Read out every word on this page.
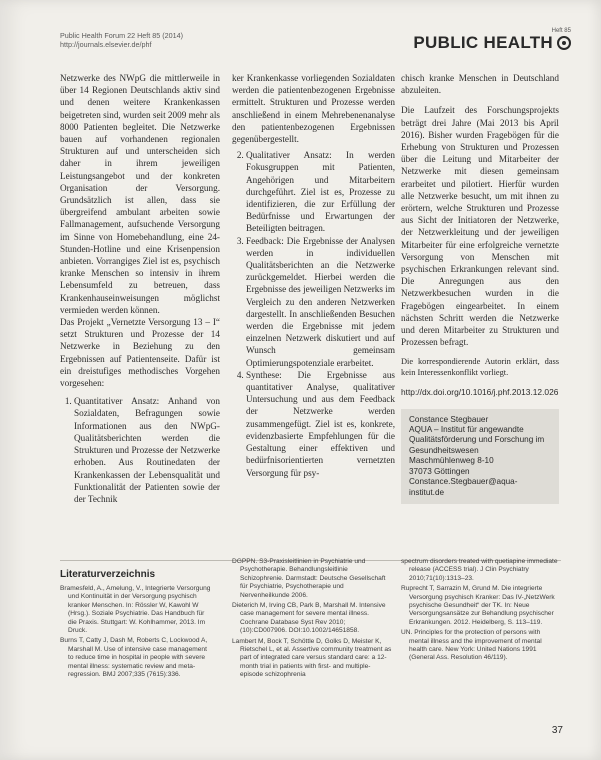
Public Health Forum 22 Heft 85 (2014)
http://journals.elsevier.de/phf
Heft 85
PUBLIC HEALTH

Netzwerke des NWpG die mittlerweile in über 14 Regionen Deutschlands aktiv sind und denen weitere Krankenkassen beigetreten sind, wurden seit 2009 mehr als 8000 Patienten begleitet. Die Netzwerke bauen auf vorhandenen regionalen Strukturen auf und unterscheiden sich daher in ihrem jeweiligen Leistungsangebot und der konkreten Organisation der Versorgung. Grundsätzlich ist allen, dass sie übergreifend ambulant arbeiten sowie Fallmanagement, aufsuchende Versorgung im Sinne von Homebehandlung, eine 24-Stunden-Hotline und eine Krisenpension anbieten. Vorrangiges Ziel ist es, psychisch kranke Menschen so intensiv in ihrem Lebensumfeld zu betreuen, dass Krankenhauseinweisungen möglichst vermieden werden können.

Das Projekt „Vernetzte Versorgung 13 – I“ setzt Strukturen und Prozesse der 14 Netzwerke in Beziehung zu den Ergebnissen auf Patientenseite. Dafür ist ein dreistufiges methodisches Vorgehen vorgesehen:

1. Quantitativer Ansatz: Anhand von Sozialdaten, Befragungen sowie Informationen aus den NWpG-Qualitätsberichten werden die Strukturen und Prozesse der Netzwerke erhoben. Aus Routinedaten der Krankenkassen der Lebensqualität und Funktionalität der Patienten sowie der der Technik

ker Krankenkasse vorliegenden Sozialdaten werden die patientenbezogenen Ergebnisse ermittelt. Strukturen und Prozesse werden anschließend in einem Mehrebenenanalyse den patientenbezogenen Ergebnissen gegenübergestellt.

2. Qualitativer Ansatz: In werden Fokusgruppen mit Patienten, Angehörigen und Mitarbeitern durchgeführt. Ziel ist es, Prozesse zu identifizieren, die zur Erfüllung der Bedürfnisse und Erwartungen der Beteiligten beitragen.
3. Feedback: Die Ergebnisse der Analysen werden in individuellen Qualitätsberichten an die Netzwerke zurückgemeldet. Hierbei werden die Ergebnisse des jeweiligen Netzwerks im Vergleich zu den anderen Netzwerken dargestellt. In anschließenden Besuchen werden die Ergebnisse mit jedem einzelnen Netzwerk diskutiert und auf Wunsch gemeinsam Optimierungspotenziale erarbeitet.
4. Synthese: Die Ergebnisse aus quantitativer Analyse, qualitativer Untersuchung und aus dem Feedback der Netzwerke werden zusammengefügt. Ziel ist es, konkrete, evidenzbasierte Empfehlungen für die Gestaltung einer effektiven und bedürfnisorientierten vernetzten Versorgung für psy-

chisch kranke Menschen in Deutschland abzuleiten.

Die Laufzeit des Forschungsprojekts beträgt drei Jahre (Mai 2013 bis April 2016). Bisher wurden Fragebögen für die Erhebung von Strukturen und Prozessen über die Leitung und Mitarbeiter der Netzwerke mit diesen gemeinsam erarbeitet und pilotiert. Hierfür wurden alle Netzwerke besucht, um mit ihnen zu erörtern, welche Strukturen und Prozesse aus Sicht der Initiatoren der Netzwerke, der Netzwerkleitung und der jeweiligen Mitarbeiter für eine erfolgreiche vernetzte Versorgung von Menschen mit psychischen Erkrankungen relevant sind. Die Anregungen aus den Netzwerkbesuchen wurden in die Fragebögen eingearbeitet. In einem nächsten Schritt werden die Netzwerke und deren Mitarbeiter zu Strukturen und Prozessen befragt.

Die korrespondierende Autorin erklärt, dass kein Interessenkonflikt vorliegt.

http://dx.doi.org/10.1016/j.phf.2013.12.026

Constance Stegbauer
AQUA – Institut für angewandte
Qualitätsförderung und Forschung im
Gesundheitswesen
Maschmühlenweg 8-10
37073 Göttingen
Constance.Stegbauer@aqua-institut.de
Literaturverzeichnis

Bramesfeld, A., Amelung, V., Integrierte Versorgung und Kontinuität in der Versorgung psychisch kranker Menschen. In: Rössler W, Kawohl W (Hrsg.). Soziale Psychiatrie. Das Handbuch für die Praxis. Stuttgart: W. Kohlhammer, 2013. Im Druck.

Burns T, Catty J, Dash M, Roberts C, Lockwood A, Marshall M. Use of intensive case management to reduce time in hospital in people with severe mental illness: systematic review and meta-regression. BMJ 2007;335 (7615):336.

DGPPN. S3-Praxisleitlinien in Psychiatrie und Psychotherapie. Behandlungsleitlinie Schizophrenie. Darmstadt: Deutsche Gesellschaft für Psychiatrie, Psychotherapie und Nervenheilkunde 2006.

Dieterich M, Irving CB, Park B, Marshall M. Intensive case management for severe mental illness. Cochrane Database Syst Rev 2010; (10):CD007906. DOI:10.1002/14651858.

Lambert M, Bock T, Schöttle D, Golks D, Meister K, Rietschel L, et al. Assertive community treatment as part of integrated care versus standard care: a 12-month trial in patients with first- and multiple-episode schizophrenia

spectrum disorders treated with quetiapine immediate release (ACCESS trial). J Clin Psychiatry 2010;71(10):1313–23.

Ruprecht T, Sarrazin M, Grund M. Die integrierte Versorgung psychisch Kranker: Das IV-„NetzWerk psychische Gesundheit“ der TK. In: Neue Versorgungsansätze zur Behandlung psychischer Erkrankungen. 2012. Heidelberg, S. 113–119.

UN. Principles for the protection of persons with mental illness and the improvement of mental health care. New York: United Nations 1991 (General Ass. Resolution 46/119).

37
